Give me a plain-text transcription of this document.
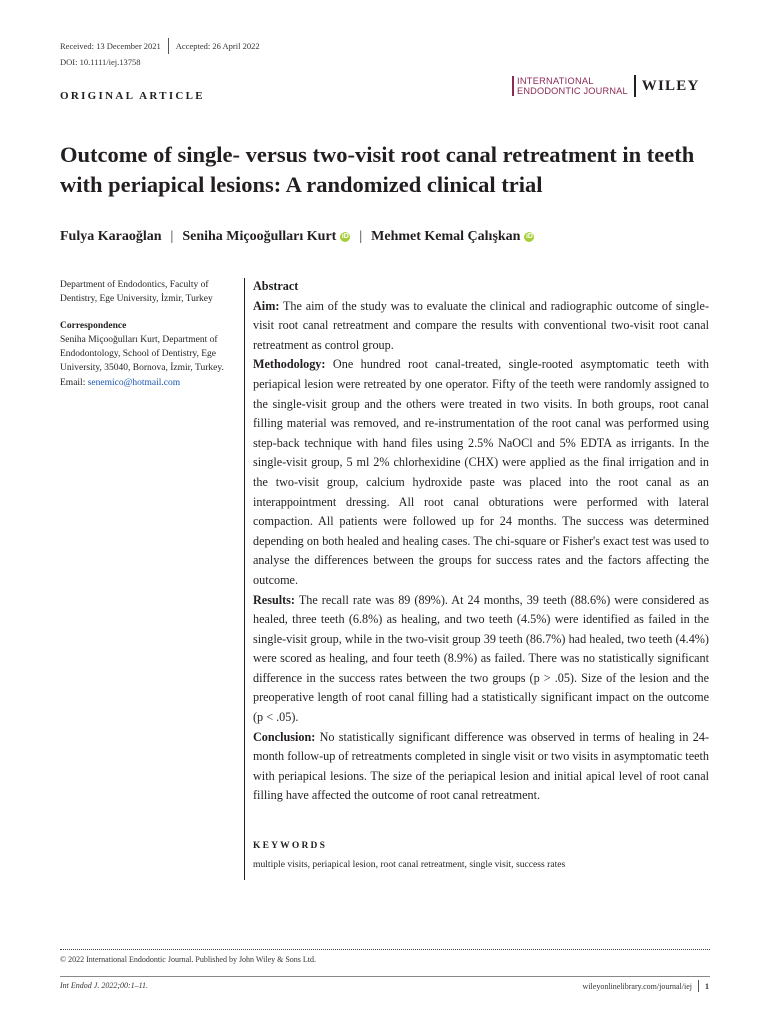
Received: 13 December 2021 Accepted: 26 April 2022
DOI: 10.1111/iej.13758
ORIGINAL ARTICLE
INTERNATIONAL
ENDODONTIC JOURNAL WILEY
Outcome of single- versus two-visit root canal retreatment in teeth with periapical lesions: A randomized clinical trial
Fulya Karaoğlan | Seniha Miçooğulları Kurt iD | Mehmet Kemal Çalışkan iD
Department of Endodontics, Faculty of Dentistry, Ege University, İzmir, Turkey
Correspondence
Seniha Miçooğulları Kurt, Department of Endodontology, School of Dentistry, Ege University, 35040, Bornova, İzmir, Turkey.
Email: senemico@hotmail.com

Abstract

Aim: The aim of the study was to evaluate the clinical and radiographic outcome of single-visit root canal retreatment and compare the results with conventional two-visit root canal retreatment as control group.

Methodology: One hundred root canal-treated, single-rooted asymptomatic teeth with periapical lesion were retreated by one operator. Fifty of the teeth were randomly assigned to the single-visit group and the others were treated in two visits. In both groups, root canal filling material was removed, and re-instrumentation of the root canal was performed using step-back technique with hand files using 2.5% NaOCl and 5% EDTA as irrigants. In the single-visit group, 5 ml 2% chlorhexidine (CHX) were applied as the final irrigation and in the two-visit group, calcium hydroxide paste was placed into the root canal as an interappointment dressing. All root canal obturations were performed with lateral compaction. All patients were followed up for 24 months. The success was determined depending on both healed and healing cases. The chi-square or Fisher's exact test was used to analyse the differences between the groups for success rates and the factors affecting the outcome.

Results: The recall rate was 89 (89%). At 24 months, 39 teeth (88.6%) were considered as healed, three teeth (6.8%) as healing, and two teeth (4.5%) were identified as failed in the single-visit group, while in the two-visit group 39 teeth (86.7%) had healed, two teeth (4.4%) were scored as healing, and four teeth (8.9%) as failed. There was no statistically significant difference in the success rates between the two groups (p > .05). Size of the lesion and the preoperative length of root canal filling had a statistically significant impact on the outcome (p < .05).

Conclusion: No statistically significant difference was observed in terms of healing in 24-month follow-up of retreatments completed in single visit or two visits in asymptomatic teeth with periapical lesions. The size of the periapical lesion and initial apical level of root canal filling have affected the outcome of root canal retreatment.

KEYWORDS
multiple visits, periapical lesion, root canal retreatment, single visit, success rates
© 2022 International Endodontic Journal. Published by John Wiley & Sons Ltd.
Int Endod J. 2022;00:1–11.	wileyonlinelibrary.com/journal/iej 1
